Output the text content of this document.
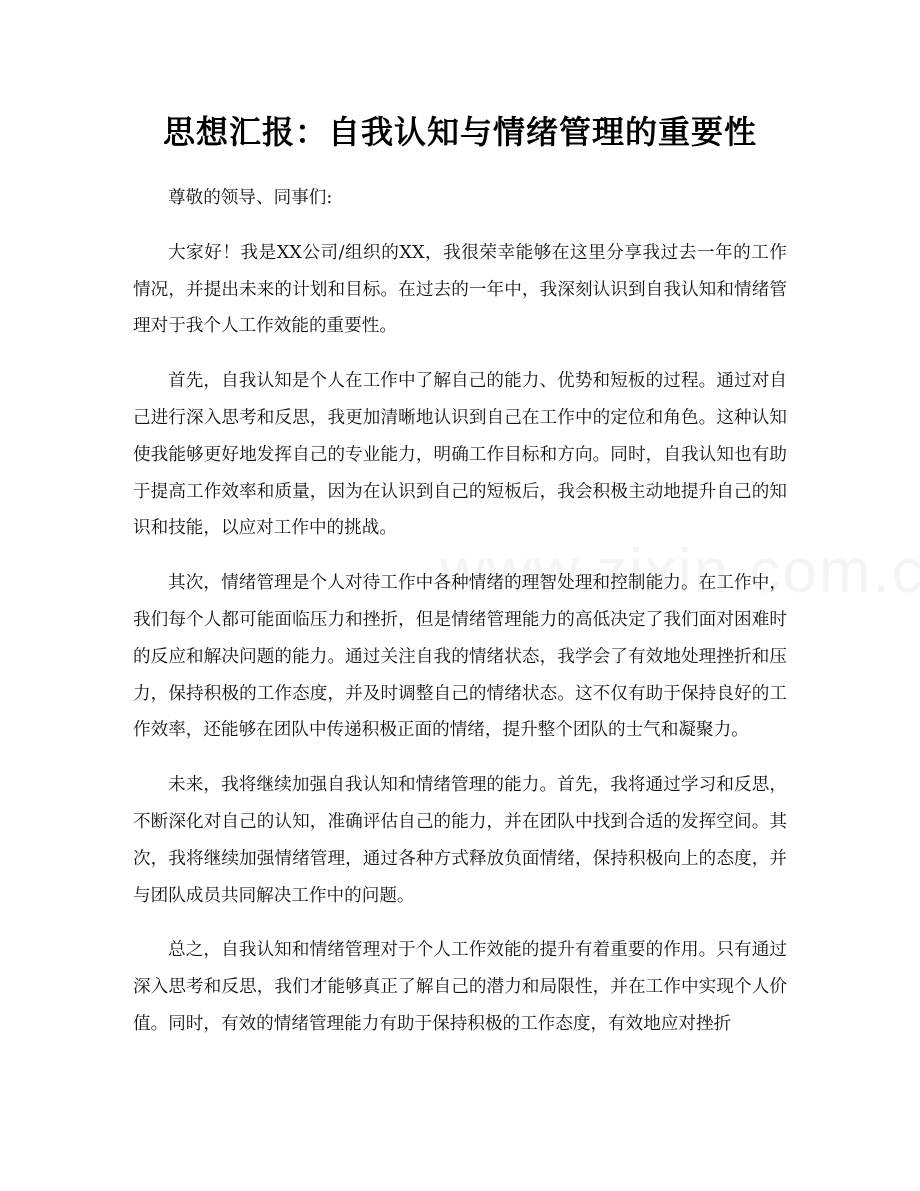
思想汇报：自我认知与情绪管理的重要性

尊敬的领导、同事们:

大家好！我是XX公司/组织的XX，我很荣幸能够在这里分享我过去一年的工作情况，并提出未来的计划和目标。在过去的一年中，我深刻认识到自我认知和情绪管理对于我个人工作效能的重要性。

首先，自我认知是个人在工作中了解自己的能力、优势和短板的过程。通过对自己进行深入思考和反思，我更加清晰地认识到自己在工作中的定位和角色。这种认知使我能够更好地发挥自己的专业能力，明确工作目标和方向。同时，自我认知也有助于提高工作效率和质量，因为在认识到自己的短板后，我会积极主动地提升自己的知识和技能，以应对工作中的挑战。

其次，情绪管理是个人对待工作中各种情绪的理智处理和控制能力。在工作中，我们每个人都可能面临压力和挫折，但是情绪管理能力的高低决定了我们面对困难时的反应和解决问题的能力。通过关注自我的情绪状态，我学会了有效地处理挫折和压力，保持积极的工作态度，并及时调整自己的情绪状态。这不仅有助于保持良好的工作效率，还能够在团队中传递积极正面的情绪，提升整个团队的士气和凝聚力。

未来，我将继续加强自我认知和情绪管理的能力。首先，我将通过学习和反思，不断深化对自己的认知，准确评估自己的能力，并在团队中找到合适的发挥空间。其次，我将继续加强情绪管理，通过各种方式释放负面情绪，保持积极向上的态度，并与团队成员共同解决工作中的问题。

总之，自我认知和情绪管理对于个人工作效能的提升有着重要的作用。只有通过深入思考和反思，我们才能够真正了解自己的潜力和局限性，并在工作中实现个人价值。同时，有效的情绪管理能力有助于保持积极的工作态度，有效地应对挫折
